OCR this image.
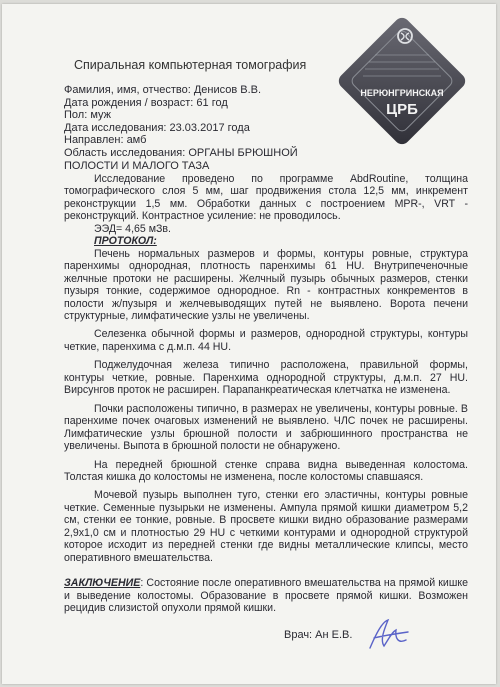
Спиральная компьютерная томография
Фамилия, имя, отчество: Денисов В.В.
Дата рождения / возраст: 61 год
Пол: муж
Дата исследования: 23.03.2017 года
Направлен: амб
Область исследования: ОРГАНЫ БРЮШНОЙ
ПОЛОСТИ И МАЛОГО ТАЗА
НЕРЮНГРИНСКАЯ
ЦРБ

Исследование проведено по программе AbdRoutine, толщина томографического слоя 5 мм, шаг продвижения стола 12,5 мм, инкремент реконструкции 1,5 мм. Обработки данных с построением MPR-, VRT - реконструкций. Контрастное усиление: не проводилось.

ЭЭД= 4,65 мЗв.

ПРОТОКОЛ:

Печень нормальных размеров и формы, контуры ровные, структура паренхимы однородная, плотность паренхимы 61 HU. Внутрипеченочные желчные протоки не расширены. Желчный пузырь обычных размеров, стенки пузыря тонкие, содержимое однородное. Rn - контрастных конкрементов в полости ж/пузыря и желчевыводящих путей не выявлено. Ворота печени структурные, лимфатические узлы не увеличены.

Селезенка обычной формы и размеров, однородной структуры, контуры четкие, паренхима с д.м.п. 44 HU.

Поджелудочная железа типично расположена, правильной формы, контуры четкие, ровные. Паренхима однородной структуры, д.м.п. 27 HU. Вирсунгов проток не расширен. Парапанкреатическая клетчатка не изменена.

Почки расположены типично, в размерах не увеличены, контуры ровные. В паренхиме почек очаговых изменений не выявлено. ЧЛС почек не расширены. Лимфатические узлы брюшной полости и забрюшинного пространства не увеличены. Выпота в брюшной полости не обнаружено.

На передней брюшной стенке справа видна выведенная колостома. Толстая кишка до колостомы не изменена, после колостомы спавшаяся.

Мочевой пузырь выполнен туго, стенки его эластичны, контуры ровные четкие. Семенные пузырьки не изменены. Ампула прямой кишки диаметром 5,2 см, стенки ее тонкие, ровные. В просвете кишки видно образование размерами 2,9х1,0 см и плотностью 29 HU с четкими контурами и однородной структурой которое исходит из передней стенки где видны металлические клипсы, место оперативного вмешательства.

ЗАКЛЮЧЕНИЕ: Состояние после оперативного вмешательства на прямой кишке и выведение колостомы. Образование в просвете прямой кишки. Возможен рецидив слизистой опухоли прямой кишки.
Врач: Ан Е.В.
